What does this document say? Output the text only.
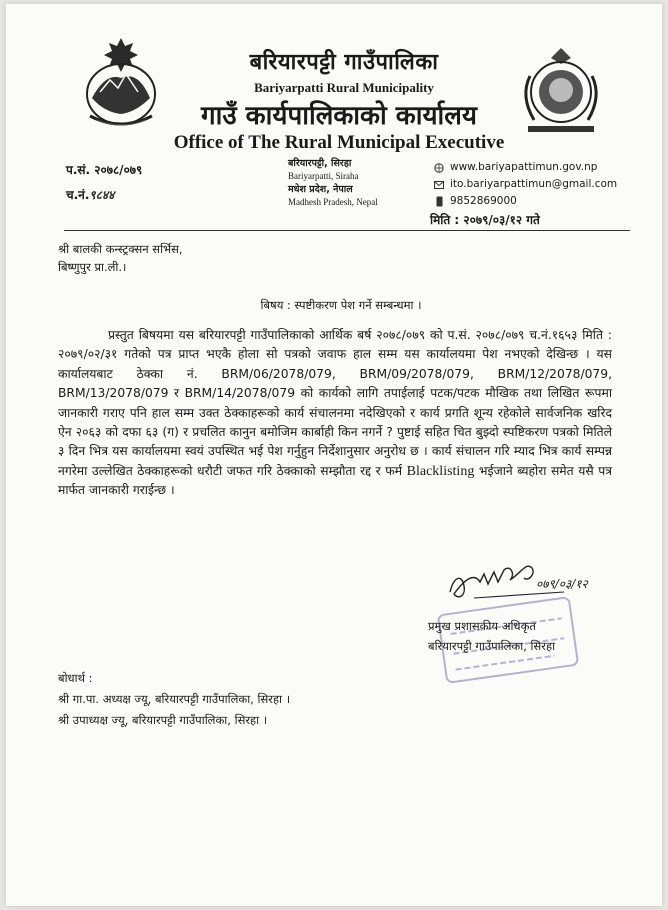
बरियारपट्टी गाउँपालिका
Bariyarpatti Rural Municipality
गाउँ कार्यपालिकाको कार्यालय
Office of The Rural Municipal Executive
प.सं. २०७८/०७९
च.नं.९८४४
बरियारपट्टी, सिरहा
Bariyarpatti, Siraha
मधेश प्रदेश, नेपाल
Madhesh Pradesh, Nepal
www.bariyapattimun.gov.np
ito.bariyarpattimun@gmail.com
9852869000
मिति : २०७९/०३/१२ गते
श्री बालकी कन्स्ट्रक्सन सर्भिस,
बिष्णुपुर प्रा.ली.।
बिषय : स्पष्टीकरण पेश गर्ने सम्बन्धमा ।
प्रस्तुत बिषयमा यस बरियारपट्टी गाउँपालिकाको आर्थिक बर्ष २०७८/०७९ को प.सं. २०७८/०७९ च.नं.१६५३ मिति : २०७९/०२/३१ गतेको पत्र प्राप्त भएकै होला सो पत्रको जवाफ हाल सम्म यस कार्यालयमा पेश नभएको देखिन्छ । यस कार्यालयबाट ठेक्का नं. BRM/06/2078/079, BRM/09/2078/079, BRM/12/2078/079, BRM/13/2078/079 र BRM/14/2078/079 को कार्यको लागि तपाईलाई पटक/पटक मौखिक तथा लिखित रूपमा जानकारी गराए पनि हाल सम्म उक्त ठेक्काहरूको कार्य संचालनमा नदेखिएको र कार्य प्रगति शून्य रहेकोले सार्वजनिक खरिद ऐन २०६३ को दफा ६३ (ग) र प्रचलित कानुन बमोजिम कार्बाही किन नगर्ने ? पुष्टाई सहित चित बुझ्दो स्पष्टिकरण पत्रको मितिले ३ दिन भित्र यस कार्यालयमा स्वयं उपस्थित भई पेश गर्नुहुन निर्देशानुसार अनुरोध छ । कार्य संचालन गरि म्याद भित्र कार्य सम्पन्न नगरेमा उल्लेखित ठेक्काहरूको धरौटी जफत गरि ठेक्काको सम्झौता रद्द र फर्म Blacklisting भईजाने ब्यहोरा समेत यसै पत्र मार्फत जानकारी गराईन्छ ।
०७९/०३/१२
प्रमुख प्रशासकीय अधिकृत
बरियारपट्टी गाउँपालिका, सिरहा
बोधार्थ :
श्री गा.पा. अध्यक्ष ज्यू, बरियारपट्टी गाउँपालिका, सिरहा ।
श्री उपाध्यक्ष ज्यू, बरियारपट्टी गाउँपालिका, सिरहा ।
